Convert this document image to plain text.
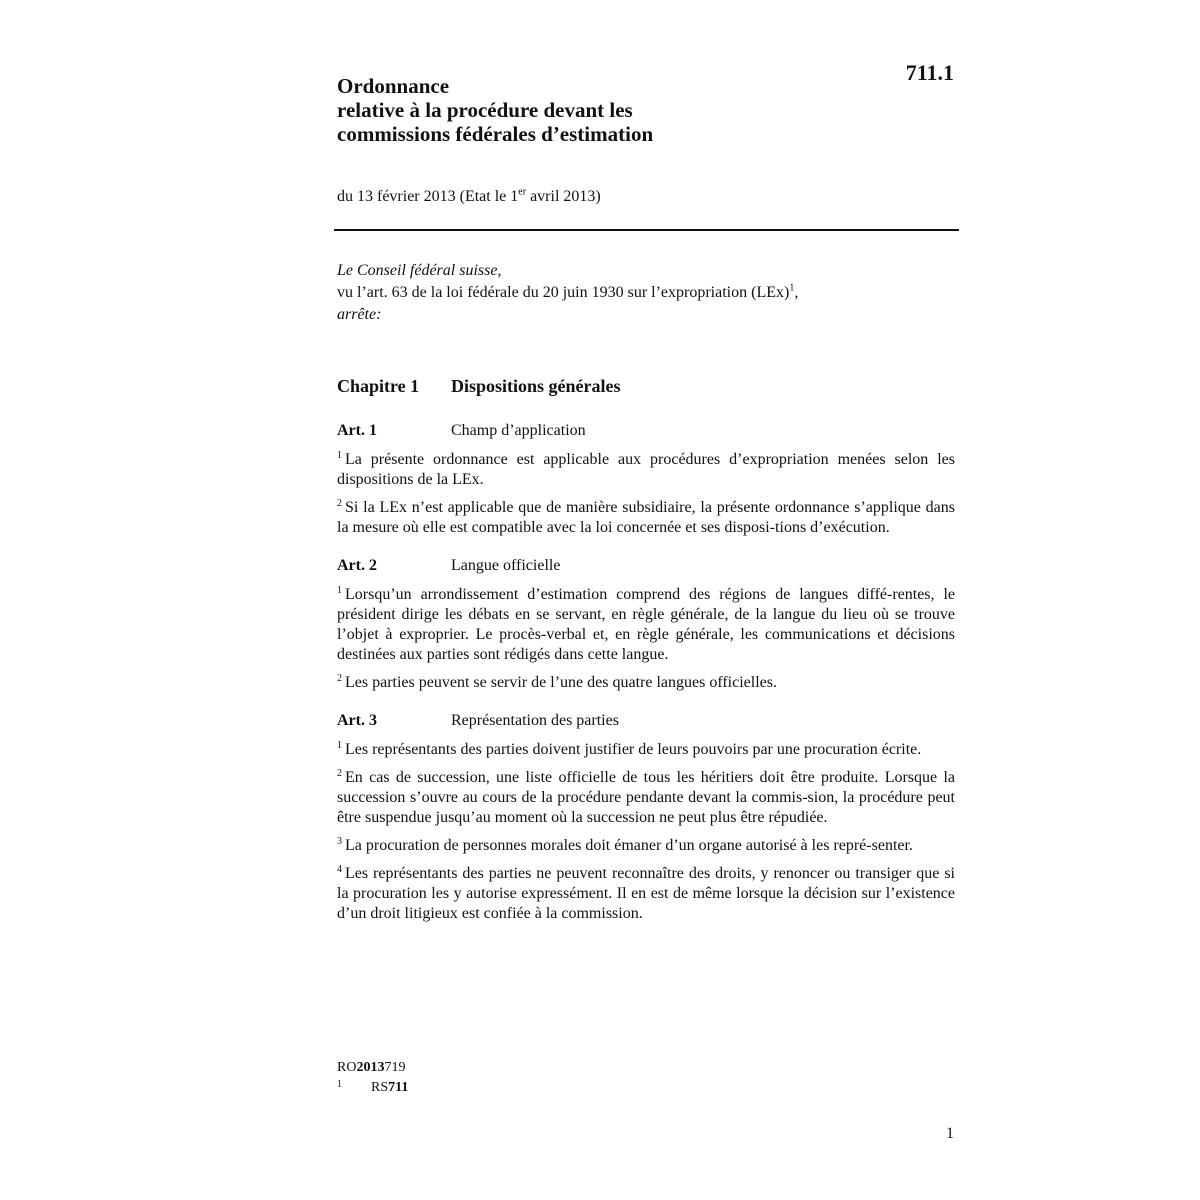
711.1
Ordonnance
relative à la procédure devant les
commissions fédérales d’estimation
du 13 février 2013 (Etat le 1er avril 2013)
Le Conseil fédéral suisse,
vu l’art. 63 de la loi fédérale du 20 juin 1930 sur l’expropriation (LEx)$^1$,
arrête:
Chapitre 1 Dispositions générales
Art. 1	Champ d’application

$^1$ La présente ordonnance est applicable aux procédures d’expropriation menées selon les dispositions de la LEx.

$^2$ Si la LEx n’est applicable que de manière subsidiaire, la présente ordonnance s’applique dans la mesure où elle est compatible avec la loi concernée et ses disposi-tions d’exécution.

Art. 2	Langue officielle

$^1$ Lorsqu’un arrondissement d’estimation comprend des régions de langues diffé-rentes, le président dirige les débats en se servant, en règle générale, de la langue du lieu où se trouve l’objet à exproprier. Le procès-verbal et, en règle générale, les communications et décisions destinées aux parties sont rédigés dans cette langue.

$^2$ Les parties peuvent se servir de l’une des quatre langues officielles.

Art. 3	Représentation des parties

$^1$ Les représentants des parties doivent justifier de leurs pouvoirs par une procuration écrite.

$^2$ En cas de succession, une liste officielle de tous les héritiers doit être produite. Lorsque la succession s’ouvre au cours de la procédure pendante devant la commis-sion, la procédure peut être suspendue jusqu’au moment où la succession ne peut plus être répudiée.

$^3$ La procuration de personnes morales doit émaner d’un organe autorisé à les repré-senter.

$^4$ Les représentants des parties ne peuvent reconnaître des droits, y renoncer ou transiger que si la procuration les y autorise expressément. Il en est de même lorsque la décision sur l’existence d’un droit litigieux est confiée à la commission.

RO 2013 719
1	RS 711
1
